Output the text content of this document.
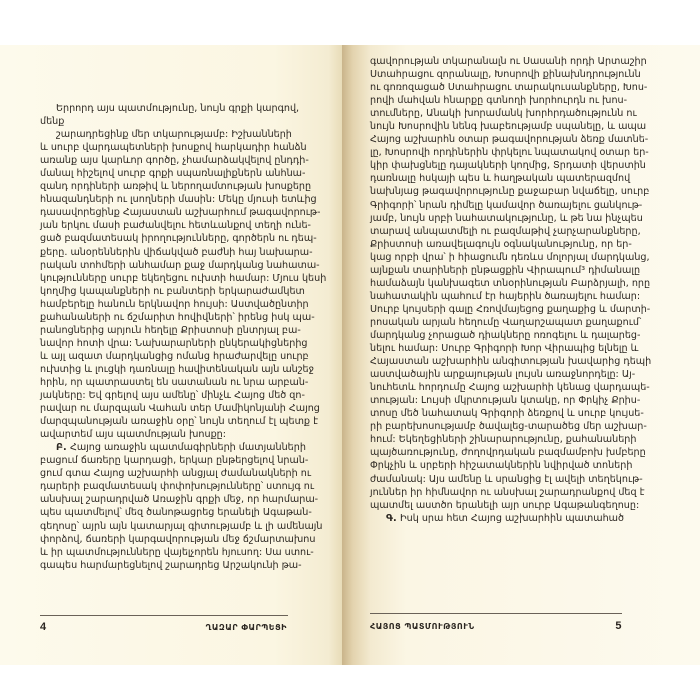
Երրորդ այս պատմությունը, նույն գրքի կարգով,
մենք
շարադրեցինք մեր տկարությամբ: Իշխանների
և սուրբ վարդապետների խոսքով հարկադիր հանձն
առանք այս կարևոր գործը, չհամարձակվելով ընդդի-
մանալ հիշելով սուրբ գրքի սպառնալիքներն անհնա-
զանդ որդիների առթիվ և ներողամտության խոսքերը
հնազանդների ու լսողների մասին: Մեկը մյուսի ետևից
դասավորեցինք Հայաստան աշխարհում թագավորութ-
յան երկու մասի բաժանվելու հետևանքով տեղի ունե-
ցած բազմատեսակ իրողությունները, գործերն ու դեպ-
քերը. անօրեններին վիճակված բաժնի հայ նախարա-
րական տոհմերի անհամար քաջ մարդկանց նահատա-
կությունները սուրբ եկեղեցու ուխտի համար: Մյուս կեսի
կողմից կապանքների ու բանտերի երկարաժամկետ
համբերելը հանուն երկնավոր հույսի: Աստվածընտիր
քահանաների ու ճշմարիտ հովիվների՝ իրենց իսկ պա-
րանոցներից արյուն հեղելը Քրիստոսի ընտրյալ բա-
նավոր հոտի վրա: Նախարարների ընկերակիցներից
և այլ ազատ մարդկանցից ոմանց հրաժարվելը սուրբ
ուխտից և լուցկի դառնալը հավիտենական այն անշեջ
հրին, որ պատրաստել են սատանան ու նրա արբան-
յակները: Եվ գրելով այս ամենը՝ մինչև Հայոց մեծ զո-
րավար ու մարզպան Վահան տեր Մամիկոնյանի Հայոց
մարզպանության առաջին օրը՝ նույն տեղում էլ պետք է
ավարտեմ այս պատմության խոսքը:
Բ. Հայոց առաջին պատմագիրների մատյանների
բացում ճառերը կարդացի, երկար ընթերցելով նրան-
ցում գտա Հայոց աշխարհի անցյալ ժամանակների ու
դարերի բազմատեսակ փոփոխությունները՝ ստույգ ու
անսխալ շարադրված Առաջին գրքի մեջ, որ հարմարա-
պես պատմելով՝ մեզ ծանոթացրեց երանելի Ագաթան-
գեղոսը՝ այրն այն կատարյալ գիտությամբ և լի ամենայն
փորձով, ճառերի կարգավորության մեջ ճշմարտախոս
և իր պատմությունները վայելչորեն հյուսող: Սա ստու-
գապես հարմարեցնելով շարադրեց Արշակունի թա-
4	ՂԱԶԱՐ ՓԱՐՊԵՑԻ
գավորության տկարանալն ու Սասանի որդի Արտաշիր
Ստահրացու զորանալը, Խոսրովի քինախնդրությունն
ու գոռոզացած Ստահրացու տարակուսանքները, Խոս-
րովի մահվան հնարքը գտնողի խորհուրդն ու խոս-
տումները, Անակի խորամանկ խորհրդածությունն ու
նույն Խոսրովին նենգ խաբեությամբ սպանելը, և ապա
Հայոց աշխարհն օտար թագավորության ձեռք մատնե-
լը, Խոսրովի որդիներին փրկելու նպատակով օտար եր-
կիր փախցնելը դայակների կողմից, Տրդատի վերստին
դառնալը հսկայի պես և հաղթական պատերազմով
նախնյաց թագավորությունը քաջաբար նվաճելը, սուրբ
Գրիգորի՝ նրան դիմելը կամավոր ծառայելու ցանկութ-
յամբ, նույն սրբի նահատակությունը, և թե նա ինչպես
տարավ անպատմելի ու բազմաթիվ չարչարանքները,
Քրիստոսի առավելագույն օգնականությունը, որ եր-
կաց որբի վրա՝ ի հիացումն դեռևս մոլորյալ մարդկանց,
այնքան տարիների ընթացքին Վիրապում³ դիմանալը
համաձայն կանխագետ տնօրինության Բարձրյալի, որը
նահատակին պահում էր հայերին ծառայելու համար:
Սուրբ կույսերի գալը Հռովմայեցոց քաղաքից և մարտի-
րոսական արյան հեղումը Վաղարշապատ քաղաքում՝
մարդկանց չորացած դիակները ոռոգելու և դալարեց-
նելու համար: Սուրբ Գրիգորի Խոր Վիրապից ելնելը և
Հայաստան աշխարհին անգիտության խավարից դեպի
աստվածային արքայության լույսն առաջնորդելը: Այ-
նուհետև հորդումը Հայոց աշխարհի կենաց վարդապե-
տության: Լույսի մկրտության կտակը, որ Փրկիչ Քրիս-
տոսը մեծ նահատակ Գրիգորի ձեռքով և սուրբ կույսե-
րի բարեխոսությամբ ծավալեց-տարածեց մեր աշխար-
հում: Եկեղեցիների շինարարությունը, քահանաների
պայծառությունը, ժողովրդական բազմամբոխ խմբերը
Փրկչին և սրբերի հիշատակներին նվիրված տոների
ժամանակ: Այս ամենը և սրանցից էլ ավելի տեղեկութ-
յուններ իր հիմնավոր ու անսխալ շարադրանքով մեզ է
պատմել աստծո երանելի այր սուրբ Ագաթանգեղոսը:
Գ. Իսկ սրա հետ Հայոց աշխարհին պատահած
ՀԱՅՈՑ ՊԱՏՄՈՒԹՅՈՒՆ	5
